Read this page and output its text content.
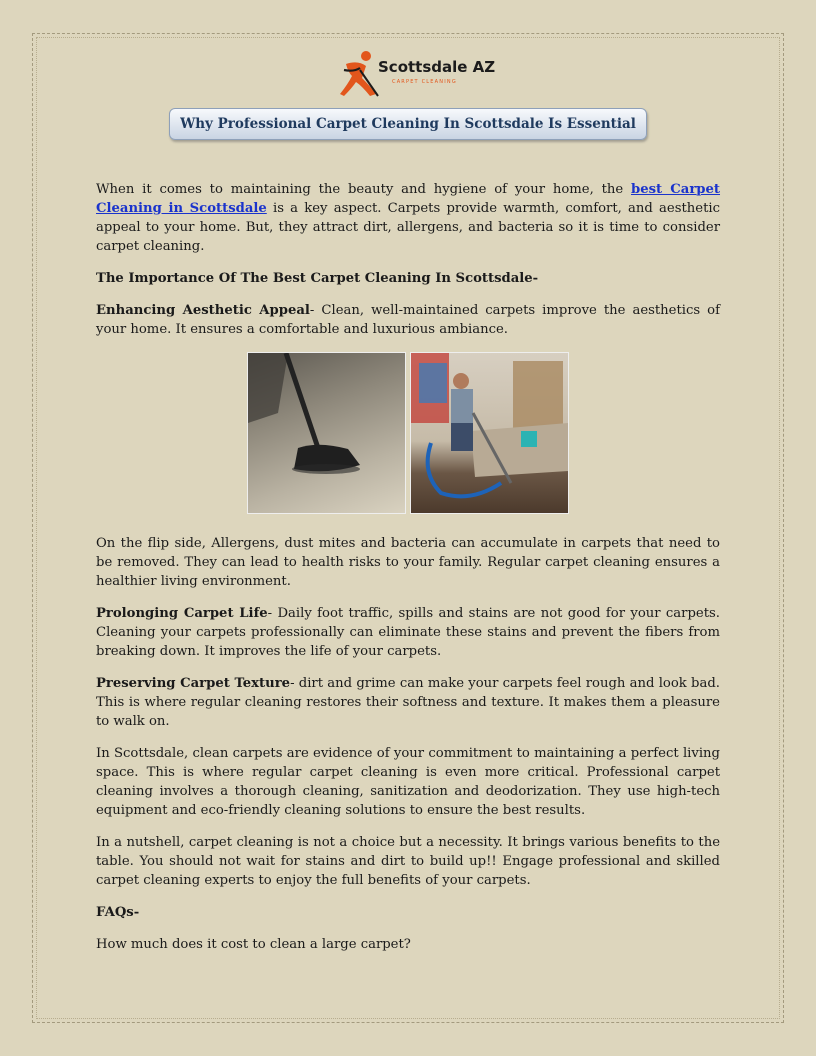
Scottsdale AZ
CARPET CLEANING
Why Professional Carpet Cleaning In Scottsdale Is Essential

When it comes to maintaining the beauty and hygiene of your home, the best Carpet Cleaning in Scottsdale is a key aspect. Carpets provide warmth, comfort, and aesthetic appeal to your home. But, they attract dirt, allergens, and bacteria so it is time to consider carpet cleaning.

The Importance Of The Best Carpet Cleaning In Scottsdale-

Enhancing Aesthetic Appeal- Clean, well-maintained carpets improve the aesthetics of your home. It ensures a comfortable and luxurious ambiance.

On the flip side, Allergens, dust mites and bacteria can accumulate in carpets that need to be removed. They can lead to health risks to your family. Regular carpet cleaning ensures a healthier living environment.

Prolonging Carpet Life- Daily foot traffic, spills and stains are not good for your carpets. Cleaning your carpets professionally can eliminate these stains and prevent the fibers from breaking down. It improves the life of your carpets.

Preserving Carpet Texture- dirt and grime can make your carpets feel rough and look bad. This is where regular cleaning restores their softness and texture. It makes them a pleasure to walk on.

In Scottsdale, clean carpets are evidence of your commitment to maintaining a perfect living space. This is where regular carpet cleaning is even more critical. Professional carpet cleaning involves a thorough cleaning, sanitization and deodorization. They use high-tech equipment and eco-friendly cleaning solutions to ensure the best results.

In a nutshell, carpet cleaning is not a choice but a necessity. It brings various benefits to the table. You should not wait for stains and dirt to build up!! Engage professional and skilled carpet cleaning experts to enjoy the full benefits of your carpets.

FAQs-

How much does it cost to clean a large carpet?
